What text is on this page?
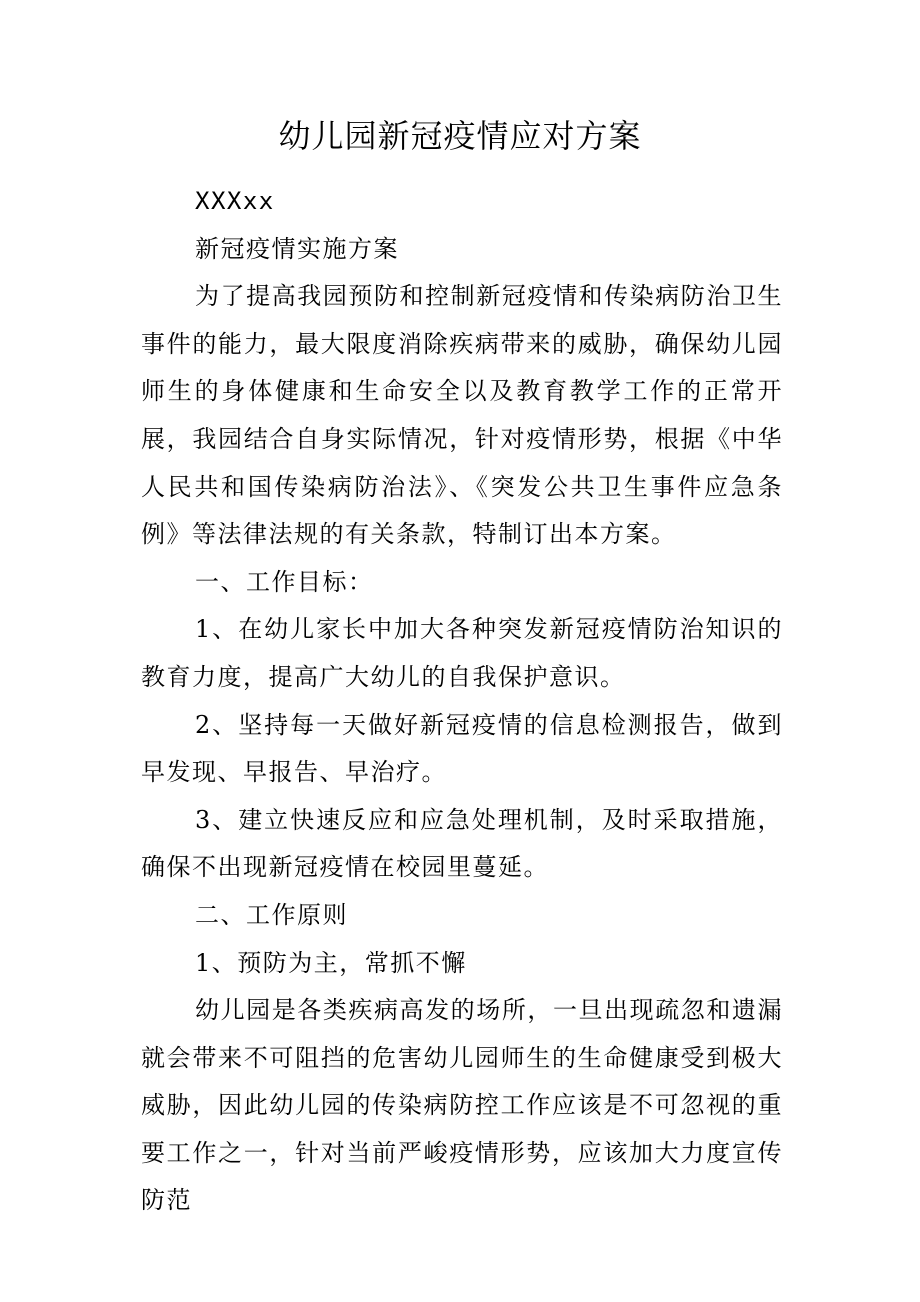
幼儿园新冠疫情应对方案

XXXxx

新冠疫情实施方案

为了提高我园预防和控制新冠疫情和传染病防治卫生事件的能力，最大限度消除疾病带来的威胁，确保幼儿园师生的身体健康和生命安全以及教育教学工作的正常开展，我园结合自身实际情况，针对疫情形势，根据《中华人民共和国传染病防治法》、《突发公共卫生事件应急条例》等法律法规的有关条款，特制订出本方案。

一、工作目标：

1、在幼儿家长中加大各种突发新冠疫情防治知识的教育力度，提高广大幼儿的自我保护意识。

2、坚持每一天做好新冠疫情的信息检测报告，做到早发现、早报告、早治疗。

3、建立快速反应和应急处理机制，及时采取措施，确保不出现新冠疫情在校园里蔓延。

二、工作原则

1、预防为主，常抓不懈

幼儿园是各类疾病高发的场所，一旦出现疏忽和遗漏就会带来不可阻挡的危害幼儿园师生的生命健康受到极大威胁，因此幼儿园的传染病防控工作应该是不可忽视的重要工作之一，针对当前严峻疫情形势，应该加大力度宣传防范
